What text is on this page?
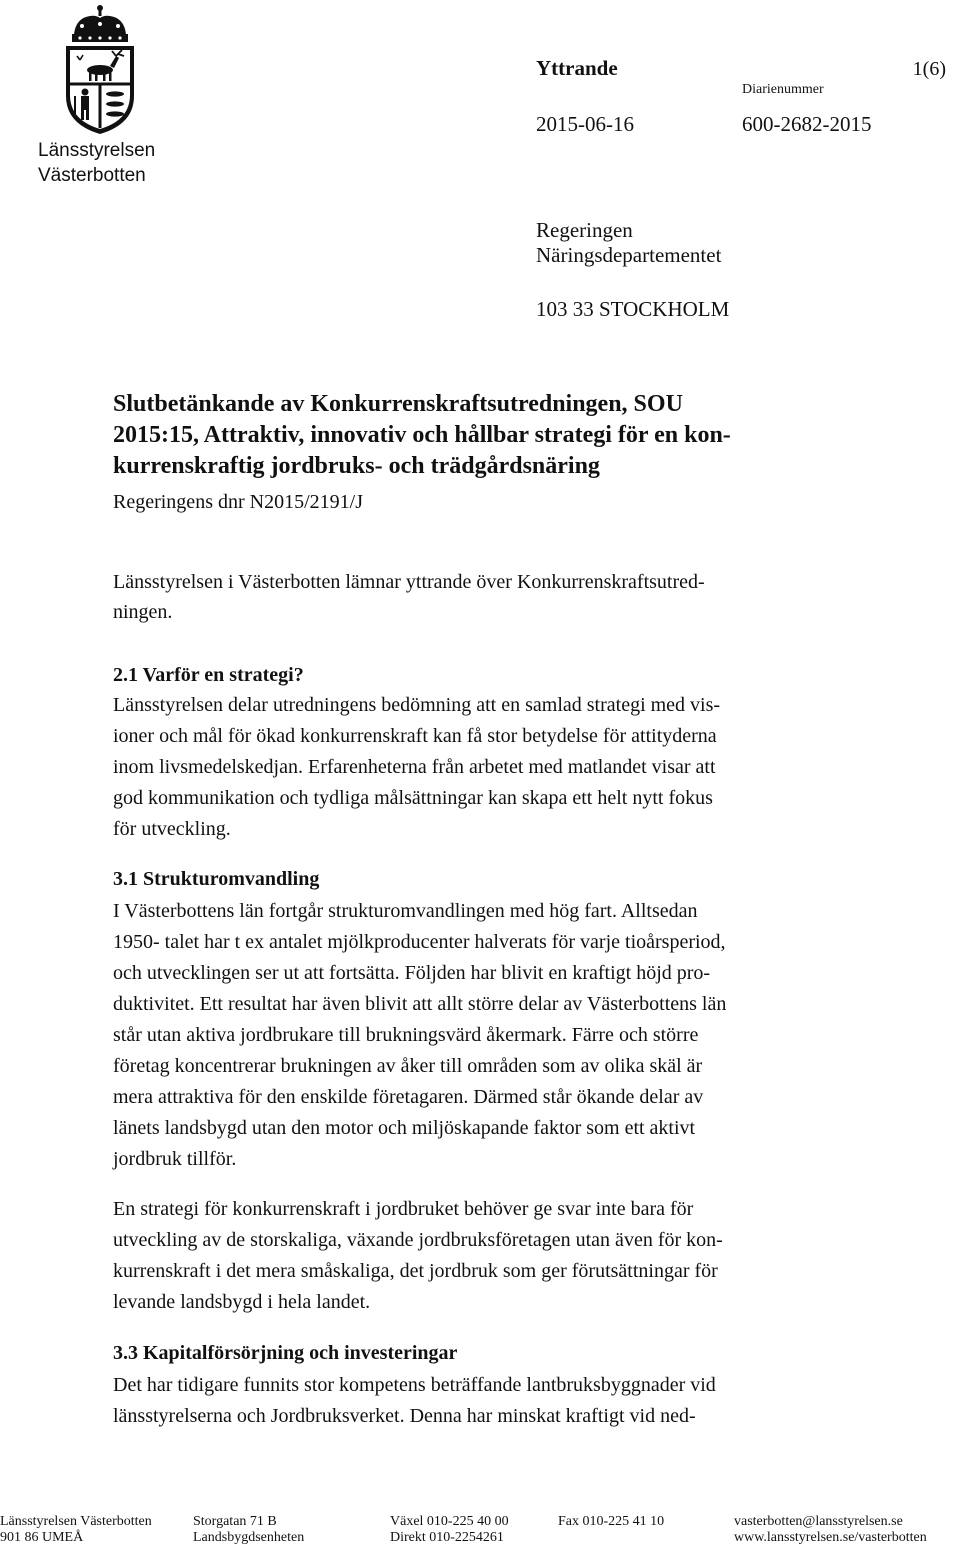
Länsstyrelsen
Västerbotten
Yttrande	1(6)
Diarienummer
2015-06-16	600-2682-2015
Regeringen
Näringsdepartementet
103 33 STOCKHOLM
Slutbetänkande av Konkurrenskraftsutredningen, SOU
2015:15, Attraktiv, innovativ och hållbar strategi för en kon-
kurrenskraftig jordbruks- och trädgårdsnäring
Regeringens dnr N2015/2191/J
Länsstyrelsen i Västerbotten lämnar yttrande över Konkurrenskraftsutred-
ningen.
2.1 Varför en strategi?
Länsstyrelsen delar utredningens bedömning att en samlad strategi med vis-
ioner och mål för ökad konkurrenskraft kan få stor betydelse för attityderna
inom livsmedelskedjan. Erfarenheterna från arbetet med matlandet visar att
god kommunikation och tydliga målsättningar kan skapa ett helt nytt fokus
för utveckling.
3.1 Strukturomvandling
I Västerbottens län fortgår strukturomvandlingen med hög fart. Alltsedan
1950- talet har t ex antalet mjölkproducenter halverats för varje tioårsperiod,
och utvecklingen ser ut att fortsätta. Följden har blivit en kraftigt höjd pro-
duktivitet. Ett resultat har även blivit att allt större delar av Västerbottens län
står utan aktiva jordbrukare till brukningsvärd åkermark. Färre och större
företag koncentrerar brukningen av åker till områden som av olika skäl är
mera attraktiva för den enskilde företagaren. Därmed står ökande delar av
länets landsbygd utan den motor och miljöskapande faktor som ett aktivt
jordbruk tillför.
En strategi för konkurrenskraft i jordbruket behöver ge svar inte bara för
utveckling av de storskaliga, växande jordbruksföretagen utan även för kon-
kurrenskraft i det mera småskaliga, det jordbruk som ger förutsättningar för
levande landsbygd i hela landet.
3.3 Kapitalförsörjning och investeringar
Det har tidigare funnits stor kompetens beträffande lantbruksbyggnader vid
länsstyrelserna och Jordbruksverket. Denna har minskat kraftigt vid ned-
Länsstyrelsen Västerbotten	Storgatan 71 B	Växel 010-225 40 00	Fax 010-225 41 10	vasterbotten@lansstyrelsen.se
901 86 UMEÅ	Landsbygdsenheten	Direkt 010-2254261	www.lansstyrelsen.se/vasterbotten
